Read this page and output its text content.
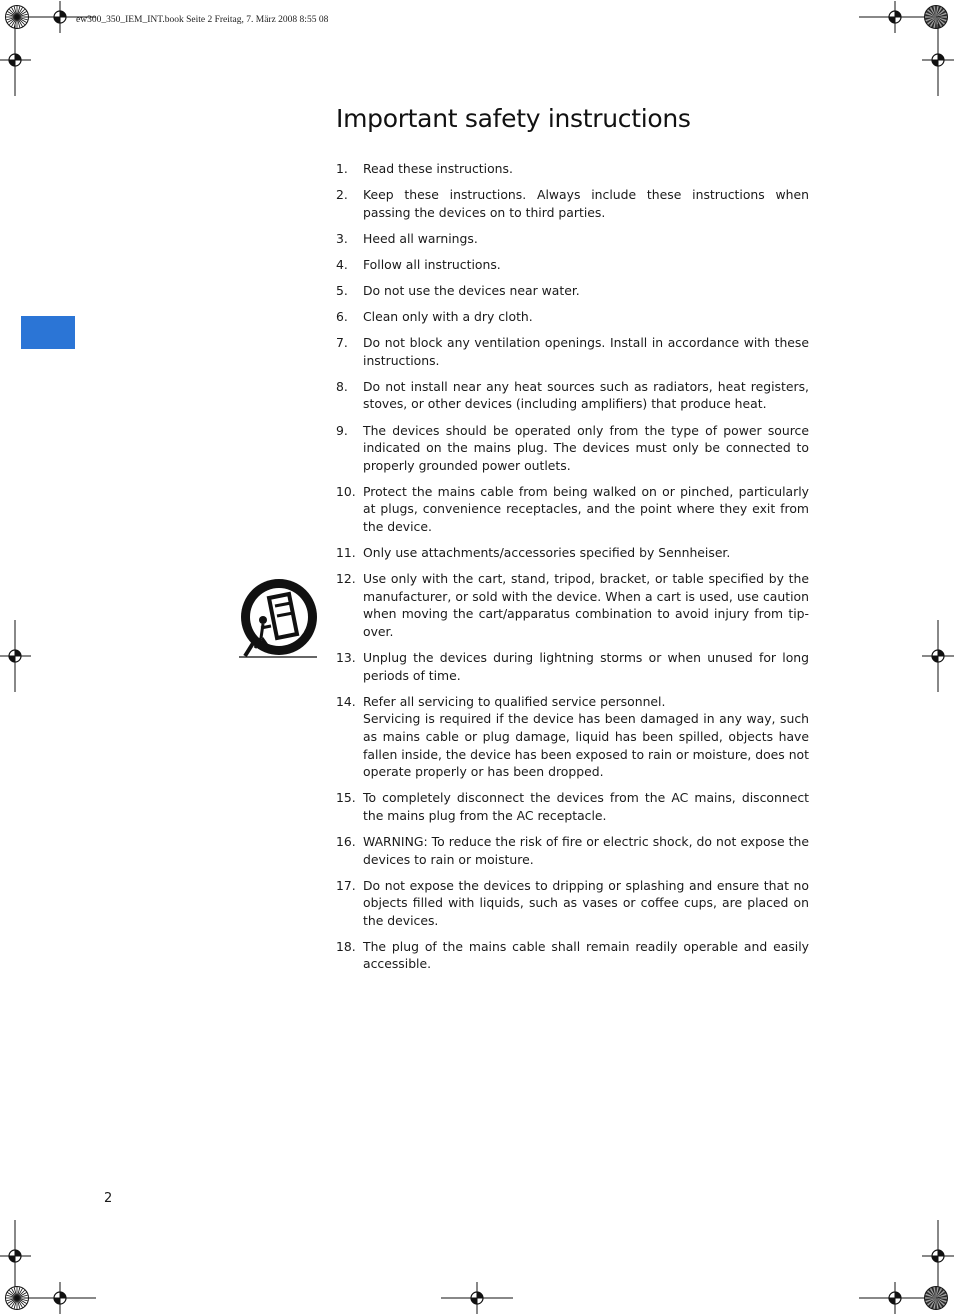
ew300_350_IEM_INT.book Seite 2 Freitag, 7. März 2008 8:55 08
Important safety instructions
1.	Read these instructions.
2.	Keep these instructions. Always include these instructions when passing the devices on to third parties.
3.	Heed all warnings.
4.	Follow all instructions.
5.	Do not use the devices near water.
6.	Clean only with a dry cloth.
7.	Do not block any ventilation openings. Install in accordance with these instructions.
8.	Do not install near any heat sources such as radiators, heat registers, stoves, or other devices (including amplifiers) that produce heat.
9.	The devices should be operated only from the type of power source indicated on the mains plug. The devices must only be connected to properly grounded power outlets.
10. Protect the mains cable from being walked on or pinched, particularly at plugs, convenience receptacles, and the point where they exit from the device.
11. Only use attachments/accessories specified by Sennheiser.
12. Use only with the cart, stand, tripod, bracket, or table specified by the manufacturer, or sold with the device. When a cart is used, use caution when moving the cart/apparatus combination to avoid injury from tip-over.
13. Unplug the devices during lightning storms or when unused for long periods of time.
14. Refer all servicing to qualified service personnel.
Servicing is required if the device has been damaged in any way, such as mains cable or plug damage, liquid has been spilled, objects have fallen inside, the device has been exposed to rain or moisture, does not operate properly or has been dropped.
15. To completely disconnect the devices from the AC mains, disconnect the mains plug from the AC receptacle.
16. WARNING: To reduce the risk of fire or electric shock, do not expose the devices to rain or moisture.
17. Do not expose the devices to dripping or splashing and ensure that no objects filled with liquids, such as vases or coffee cups, are placed on the devices.
18. The plug of the mains cable shall remain readily operable and easily accessible.
2
